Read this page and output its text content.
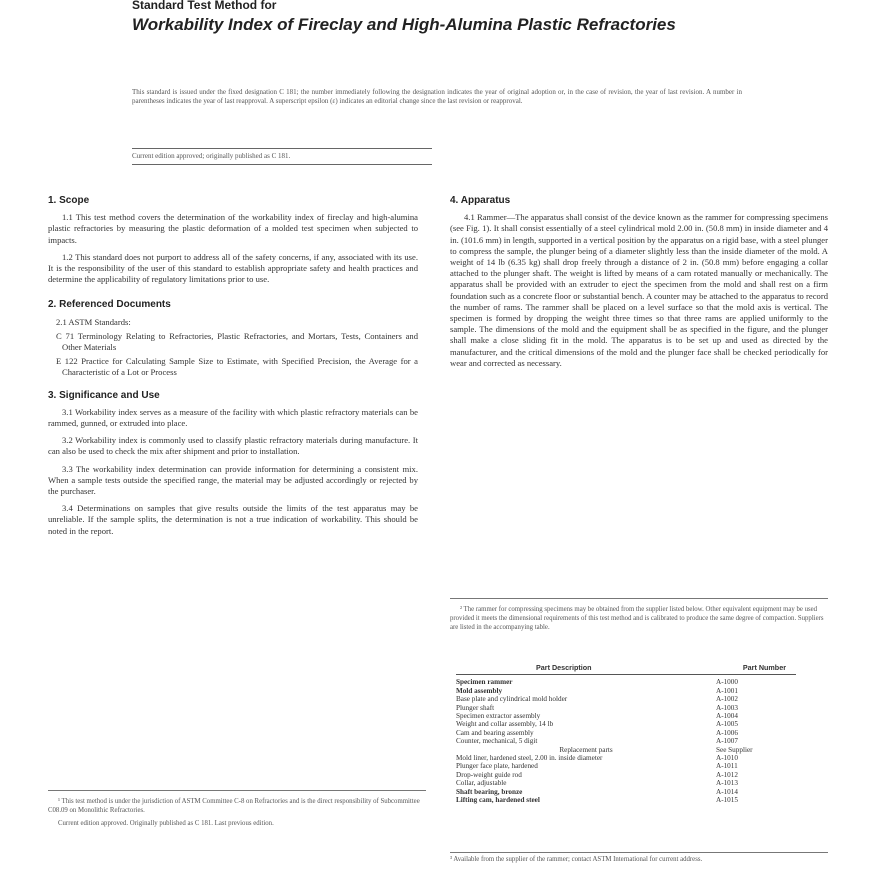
Standard Test Method for
Workability Index of Fireclay and High-Alumina Plastic Refractories
This standard is issued under the fixed designation C 181; the number immediately following the designation indicates the year of original adoption or, in the case of revision, the year of last revision. A number in parentheses indicates the year of last reapproval. A superscript epsilon (ε) indicates an editorial change since the last revision or reapproval.
Current edition approved; originally published as C 181.
1. Scope

1.1 This test method covers the determination of the workability index of fireclay and high-alumina plastic refractories by measuring the plastic deformation of a molded test specimen when subjected to impacts.

1.2 This standard does not purport to address all of the safety concerns, if any, associated with its use. It is the responsibility of the user of this standard to establish appropriate safety and health practices and determine the applicability of regulatory limitations prior to use.

2. Referenced Documents

2.1 ASTM Standards:

C 71 Terminology Relating to Refractories, Plastic Refractories, and Mortars, Tests, Containers and Other Materials

E 122 Practice for Calculating Sample Size to Estimate, with Specified Precision, the Average for a Characteristic of a Lot or Process

3. Significance and Use

3.1 Workability index serves as a measure of the facility with which plastic refractory materials can be rammed, gunned, or extruded into place.

3.2 Workability index is commonly used to classify plastic refractory materials during manufacture. It can also be used to check the mix after shipment and prior to installation.

3.3 The workability index determination can provide information for determining a consistent mix. When a sample tests outside the specified range, the material may be adjusted accordingly or rejected by the purchaser.

3.4 Determinations on samples that give results outside the limits of the test apparatus may be unreliable. If the sample splits, the determination is not a true indication of workability. This should be noted in the report.

4. Apparatus

4.1 Rammer—The apparatus shall consist of the device known as the rammer for compressing specimens (see Fig. 1). It shall consist essentially of a steel cylindrical mold 2.00 in. (50.8 mm) in inside diameter and 4 in. (101.6 mm) in length, supported in a vertical position by the apparatus on a rigid base, with a steel plunger to compress the sample, the plunger being of a diameter slightly less than the inside diameter of the mold. A weight of 14 lb (6.35 kg) shall drop freely through a distance of 2 in. (50.8 mm) before engaging a collar attached to the plunger shaft. The weight is lifted by means of a cam rotated manually or mechanically. The apparatus shall be provided with an extruder to eject the specimen from the mold and shall rest on a firm foundation such as a concrete floor or substantial bench. A counter may be attached to the apparatus to record the number of rams. The rammer shall be placed on a level surface so that the mold axis is vertical. The specimen is formed by dropping the weight three times so that three rams are applied uniformly to the sample. The dimensions of the mold and the equipment shall be as specified in the figure, and the plunger shall make a close sliding fit in the mold. The apparatus is to be set up and used as directed by the manufacturer, and the critical dimensions of the mold and the plunger face shall be checked periodically for wear and corrected as necessary.

² The rammer for compressing specimens may be obtained from the supplier listed below. Other equivalent equipment may be used provided it meets the dimensional requirements of this test method and is calibrated to produce the same degree of compaction. Suppliers are listed in the accompanying table.

Part Description	Part Number
Specimen rammer	A-1000
Mold assembly	A-1001
Base plate and cylindrical mold holder	A-1002
Plunger shaft	A-1003
Specimen extractor assembly	A-1004
Weight and collar assembly, 14 lb	A-1005
Cam and bearing assembly	A-1006
Counter, mechanical, 5 digit	A-1007
Replacement parts	See Supplier
Mold liner, hardened steel, 2.00 in. inside diameter	A-1010
Plunger face plate, hardened	A-1011
Drop-weight guide rod	A-1012
Collar, adjustable	A-1013
Shaft bearing, bronze	A-1014
Lifting cam, hardened steel	A-1015
³ Available from the supplier of the rammer; contact ASTM International for current address.

¹ This test method is under the jurisdiction of ASTM Committee C-8 on Refractories and is the direct responsibility of Subcommittee C08.09 on Monolithic Refractories.

Current edition approved. Originally published as C 181. Last previous edition.
